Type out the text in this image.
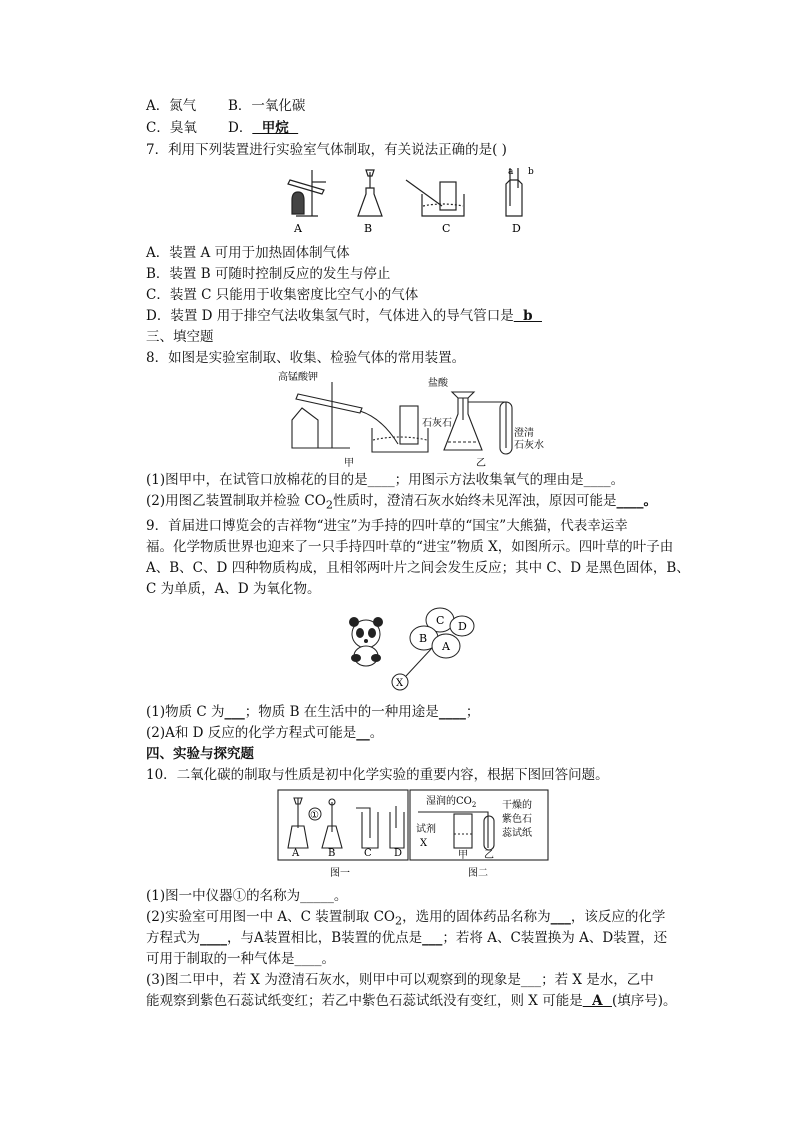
A．氮气 B．一氧化碳
C．臭氧 D．  甲烷
7．利用下列装置进行实验室气体制取，有关说法正确的是( )
a b
A	B	C	D
A．装置 A 可用于加热固体制气体
B．装置 B 可随时控制反应的发生与停止
C．装置 C 只能用于收集密度比空气小的气体
D．装置 D 用于排空气法收集氢气时，气体进入的导气管口是  b
三、填空题
8．如图是实验室制取、收集、检验气体的常用装置。
高锰酸钾
盐酸
石灰石
澄清
石灰水
甲	乙
(1)图甲中，在试管口放棉花的目的是____；用图示方法收集氧气的理由是____。
(2)用图乙装置制取并检验 $CO_2$性质时，澄清石灰水始终未见浑浊，原因可能是____。
9．首届进口博览会的吉祥物“进宝”为手持的四叶草的“国宝”大熊猫，代表幸运幸
福。化学物质世界也迎来了一只手持四叶草的“进宝”物质 X，如图所示。四叶草的叶子由
A、B、C、D 四种物质构成，且相邻两叶片之间会发生反应；其中 C、D 是黑色固体，B、
C 为单质，A、D 为氧化物。
C D
B
A
X
(1)物质 C 为___；物质 B 在生活中的一种用途是____；
(2)A和 D 反应的化学方程式可能是__。
四、实验与探究题
10．二氧化碳的制取与性质是初中化学实验的重要内容，根据下图回答问题。
①
A	B	C D
湿润的$CO_2$
试剂
X
甲 乙
干燥的
紫色石
蕊试纸
图一	图二
(1)图一中仪器①的名称为_____。
(2)实验室可用图一中 A、C 装置制取 $CO_2$，选用的固体药品名称为___，该反应的化学
方程式为____，与A装置相比，B装置的优点是___；若将 A、C装置换为 A、D装置，还
可用于制取的一种气体是____。
(3)图二甲中，若 X 为澄清石灰水，则甲中可以观察到的现象是___；若 X 是水，乙中
能观察到紫色石蕊试纸变红；若乙中紫色石蕊试纸没有变红，则 X 可能是  A  (填序号)。
